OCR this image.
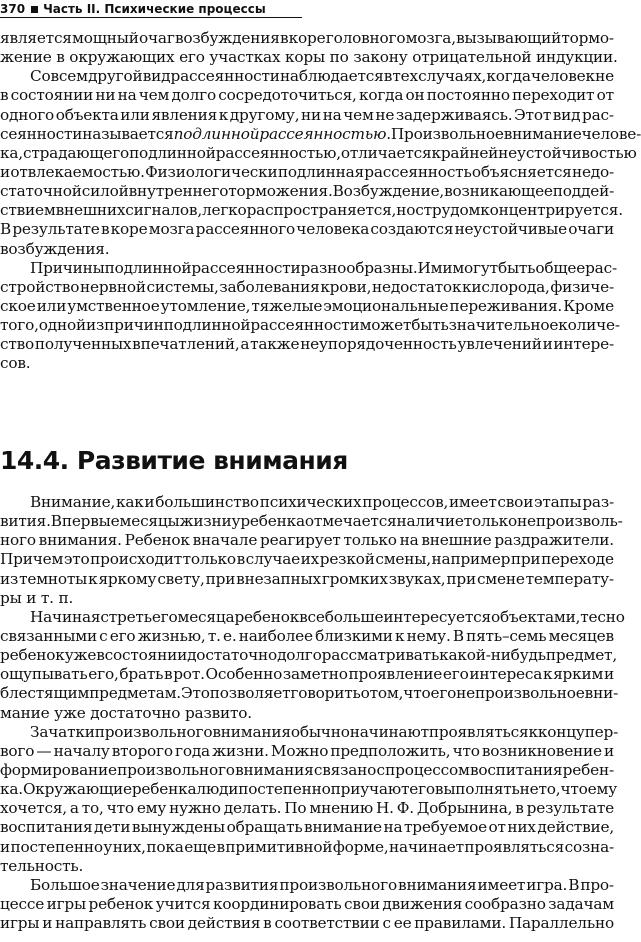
370 Часть II. Психические процессы
является мощный очаг возбуждения в коре головного мозга, вызывающий тормо-
жение в окружающих его участках коры по закону отрицательной индукции.
Совсем другой вид рассеянности наблюдается в тех случаях, когда человек не
в состоянии ни на чем долго сосредоточиться, когда он постоянно переходит от
одного объекта или явления к другому, ни на чем не задерживаясь. Этот вид рас-
сеянности называется подлинной рассеянностью. Произвольное внимание челове-
ка, страдающего подлинной рассеянностью, отличается крайней неустойчивостью
и отвлекаемостью. Физиологически подлинная рассеянность объясняется недо-
статочной силой внутреннего торможения. Возбуждение, возникающее под дей-
ствием внешних сигналов, легко распространяется, но с трудом концентрируется.
В результате в коре мозга рассеянного человека создаются неустойчивые очаги
возбуждения.
Причины подлинной рассеянности разнообразны. Ими могут быть общее рас-
стройство нервной системы, заболевания крови, недостаток кислорода, физиче-
ское или умственное утомление, тяжелые эмоциональные переживания. Кроме
того, одной из причин подлинной рассеянности может быть значительное количе-
ство полученных впечатлений, а также неупорядоченность увлечений и интере-
сов.
14.4. Развитие внимания
Внимание, как и большинство психических процессов, имеет свои этапы раз-
вития. В первые месяцы жизни у ребенка отмечается наличие только непроизволь-
ного внимания. Ребенок вначале реагирует только на внешние раздражители.
Причем это происходит только в случае их резкой смены, например при переходе
из темноты к яркому свету, при внезапных громких звуках, при смене температу-
ры и т. п.
Начиная с третьего месяца ребенок все больше интересуется объектами, тесно
связанными с его жизнью, т. е. наиболее близкими к нему. В пять–семь месяцев
ребенок уже в состоянии достаточно долго рассматривать какой-нибудь предмет,
ощупывать его, брать в рот. Особенно заметно проявление его интереса к ярким и
блестящим предметам. Это позволяет говорить о том, что его непроизвольное вни-
мание уже достаточно развито.
Зачатки произвольного внимания обычно начинают проявляться к концу пер-
вого — началу второго года жизни. Можно предположить, что возникновение и
формирование произвольного внимания связано с процессом воспитания ребен-
ка. Окружающие ребенка люди постепенно приучают его выполнять не то, что ему
хочется, а то, что ему нужно делать. По мнению Н. Ф. Добрынина, в результате
воспитания дети вынуждены обращать внимание на требуемое от них действие,
и постепенно у них, пока еще в примитивной форме, начинает проявляться созна-
тельность.
Большое значение для развития произвольного внимания имеет игра. В про-
цессе игры ребенок учится координировать свои движения сообразно задачам
игры и направлять свои действия в соответствии с ее правилами. Параллельно
